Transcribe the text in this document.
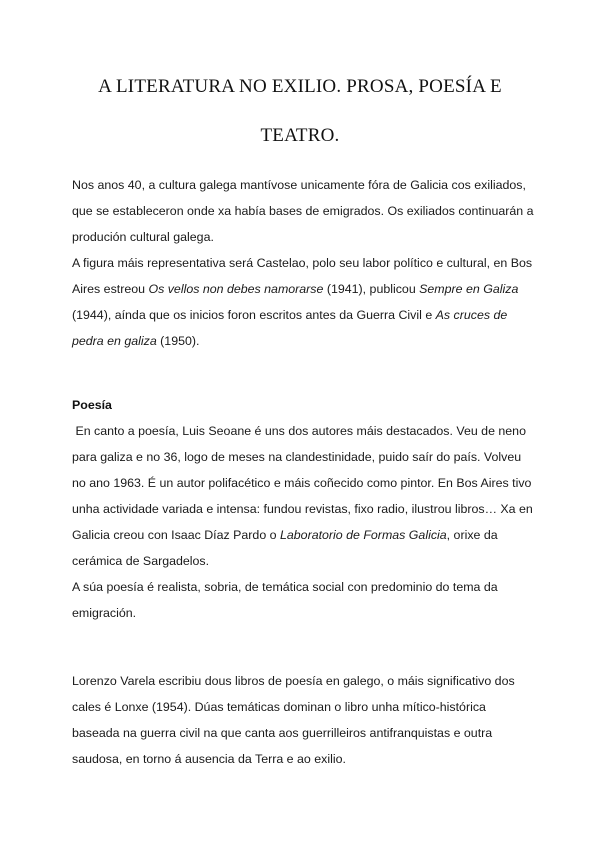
A LITERATURA NO EXILIO. PROSA, POESÍA E
TEATRO.

Nos anos 40, a cultura galega mantívose unicamente fóra de Galicia cos exiliados, que se estableceron onde xa había bases de emigrados. Os exiliados continuarán a produción cultural galega.

A figura máis representativa será Castelao, polo seu labor político e cultural, en Bos Aires estreou Os vellos non debes namorarse (1941), publicou Sempre en Galiza (1944), aínda que os inicios foron escritos antes da Guerra Civil e As cruces de pedra en galiza (1950).

Poesía

En canto a poesía, Luis Seoane é uns dos autores máis destacados. Veu de neno para galiza e no 36, logo de meses na clandestinidade, puido saír do país. Volveu no ano 1963. É un autor polifacético e máis coñecido como pintor. En Bos Aires tivo unha actividade variada e intensa: fundou revistas, fixo radio, ilustrou libros… Xa en Galicia creou con Isaac Díaz Pardo o Laboratorio de Formas Galicia, orixe da cerámica de Sargadelos.

A súa poesía é realista, sobria, de temática social con predominio do tema da emigración.

Lorenzo Varela escribiu dous libros de poesía en galego, o máis significativo dos cales é Lonxe (1954). Dúas temáticas dominan o libro unha mítico-histórica baseada na guerra civil na que canta aos guerrilleiros antifranquistas e outra saudosa, en torno á ausencia da Terra e ao exilio.
